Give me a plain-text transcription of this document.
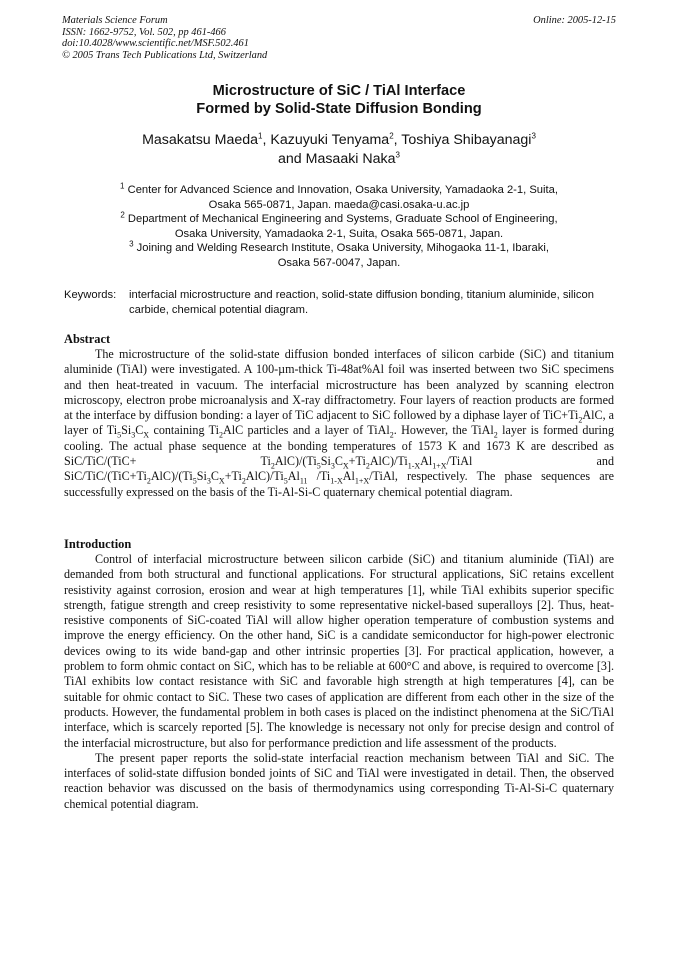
Materials Science Forum
ISSN: 1662-9752, Vol. 502, pp 461-466
doi:10.4028/www.scientific.net/MSF.502.461
© 2005 Trans Tech Publications Ltd, Switzerland
Online: 2005-12-15
Microstructure of SiC / TiAl Interface
Formed by Solid-State Diffusion Bonding
Masakatsu Maeda$^1$, Kazuyuki Tenyama$^2$, Toshiya Shibayanagi$^3$
and Masaaki Naka$^3$
$^1$ Center for Advanced Science and Innovation, Osaka University, Yamadaoka 2-1, Suita,
Osaka 565-0871, Japan. maeda@casi.osaka-u.ac.jp
$^2$ Department of Mechanical Engineering and Systems, Graduate School of Engineering,
Osaka University, Yamadaoka 2-1, Suita, Osaka 565-0871, Japan.
$^3$ Joining and Welding Research Institute, Osaka University, Mihogaoka 11-1, Ibaraki,
Osaka 567-0047, Japan.
Keywords:	interfacial microstructure and reaction, solid-state diffusion bonding, titanium aluminide, silicon carbide, chemical potential diagram.
Abstract

The microstructure of the solid-state diffusion bonded interfaces of silicon carbide (SiC) and titanium aluminide (TiAl) were investigated. A 100-µm-thick Ti-48at%Al foil was inserted between two SiC specimens and then heat-treated in vacuum. The interfacial microstructure has been analyzed by scanning electron microscopy, electron probe microanalysis and X-ray diffractometry. Four layers of reaction products are formed at the interface by diffusion bonding: a layer of TiC adjacent to SiC followed by a diphase layer of $TiC+Ti_2AlC$, a layer of $Ti_5Si_3C_X$ containing $Ti_2AlC$ particles and a layer of TiAl$_2$. However, the TiAl$_2$ layer is formed during cooling. The actual phase sequence at the bonding temperatures of 1573 K and 1673 K are described as $SiC/TiC/(TiC+ Ti_2AlC)/(Ti_5Si_3C_X+Ti_2AlC)/Ti_{1-X}Al_{1+X}$/TiAl and SiC/$TiC/(TiC+Ti_2AlC)/(Ti_5Si_3C_X+Ti_2AlC)/Ti_5Al_{11}$ $/Ti_{1-X}Al_{1+X}$/TiAl, respectively. The phase sequences are successfully expressed on the basis of the Ti-Al-Si-C quaternary chemical potential diagram.

Introduction

Control of interfacial microstructure between silicon carbide (SiC) and titanium aluminide (TiAl) are demanded from both structural and functional applications. For structural applications, SiC retains excellent resistivity against corrosion, erosion and wear at high temperatures [1], while TiAl exhibits superior specific strength, fatigue strength and creep resistivity to some representative nickel-based superalloys [2]. Thus, heat-resistive components of SiC-coated TiAl will allow higher operation temperature of combustion systems and improve the energy efficiency. On the other hand, SiC is a candidate semiconductor for high-power electronic devices owing to its wide band-gap and other intrinsic properties [3]. For practical application, however, a problem to form ohmic contact on SiC, which has to be reliable at 600°C and above, is required to overcome [3]. TiAl exhibits low contact resistance with SiC and favorable high strength at high temperatures [4], can be suitable for ohmic contact to SiC. These two cases of application are different from each other in the size of the products. However, the fundamental problem in both cases is placed on the indistinct phenomena at the SiC/TiAl interface, which is scarcely reported [5]. The knowledge is necessary not only for precise design and control of the interfacial microstructure, but also for performance prediction and life assessment of the products.

The present paper reports the solid-state interfacial reaction mechanism between TiAl and SiC. The interfaces of solid-state diffusion bonded joints of SiC and TiAl were investigated in detail. Then, the observed reaction behavior was discussed on the basis of thermodynamics using corresponding Ti-Al-Si-C quaternary chemical potential diagram.
